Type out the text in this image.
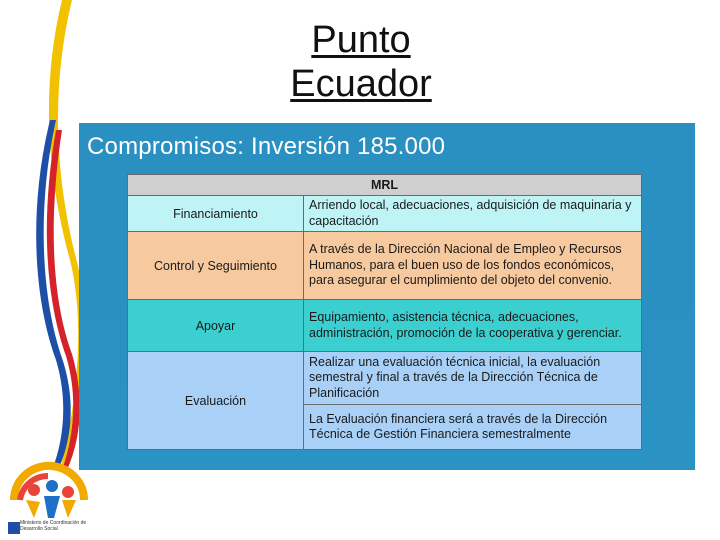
Punto
Ecuador
Compromisos: Inversión 185.000
MRL	
Financiamiento	Arriendo local, adecuaciones, adquisición de maquinaria y capacitación
Control y Seguimiento	A través de la Dirección Nacional de Empleo y Recursos Humanos, para el buen uso de los fondos económicos, para asegurar el cumplimiento del objeto del convenio.
Apoyar	Equipamiento, asistencia técnica, adecuaciones, administración, promoción de la cooperativa y gerenciar.
Evaluación	Realizar una evaluación técnica inicial, la evaluación semestral y final a través de la Dirección Técnica de Planificación
	La Evaluación financiera será a través de la Dirección Técnica de Gestión Financiera semestralmente
Ministerio de Coordinación de Desarrollo Social
